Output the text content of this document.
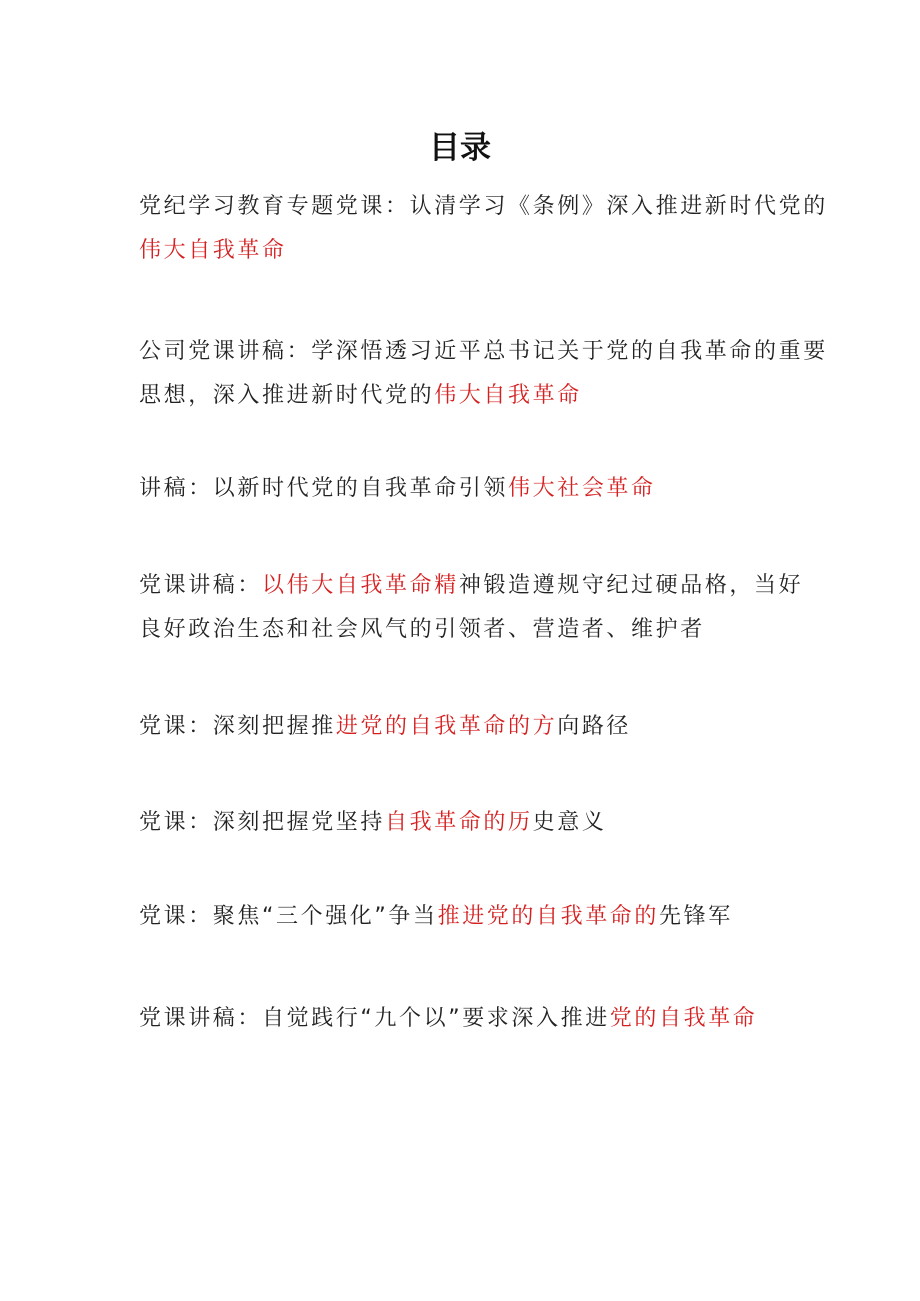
目录
党纪学习教育专题党课：认清学习《条例》深入推进新时代党的
伟大自我革命
公司党课讲稿：学深悟透习近平总书记关于党的自我革命的重要
思想，深入推进新时代党的伟大自我革命
讲稿：以新时代党的自我革命引领伟大社会革命
党课讲稿：以伟大自我革命精神锻造遵规守纪过硬品格，当好
良好政治生态和社会风气的引领者、营造者、维护者
党课：深刻把握推进党的自我革命的方向路径
党课：深刻把握党坚持自我革命的历史意义
党课：聚焦“三个强化”争当推进党的自我革命的先锋军
党课讲稿：自觉践行“九个以”要求深入推进党的自我革命
